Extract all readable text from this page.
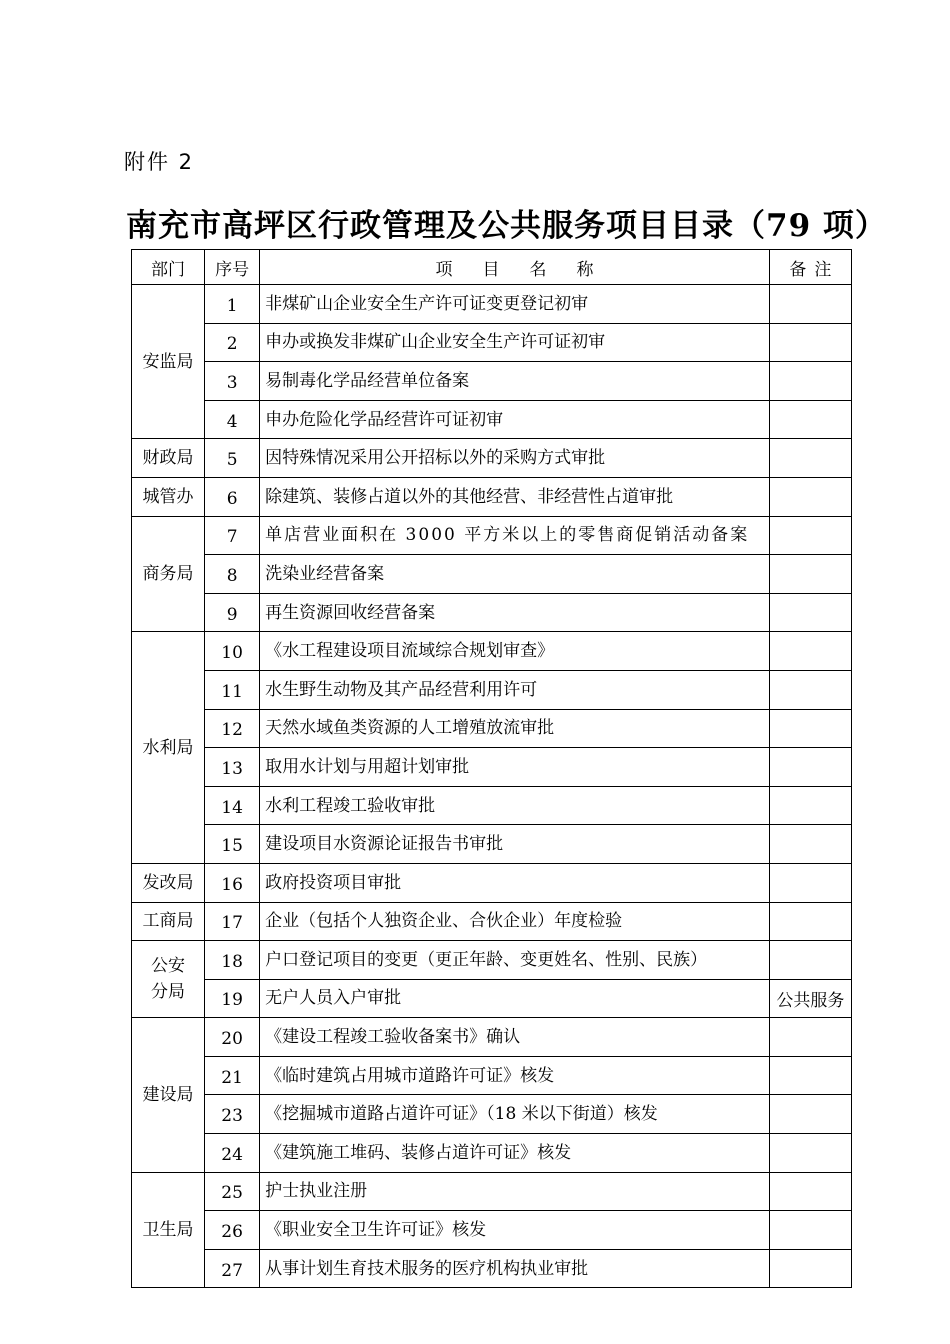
附件 2
南充市高坪区行政管理及公共服务项目目录（79 项）
部门	序号	项目名称	备注
安监局	1	非煤矿山企业安全生产许可证变更登记初审	
	2	申办或换发非煤矿山企业安全生产许可证初审	
	3	易制毒化学品经营单位备案	
	4	申办危险化学品经营许可证初审	
财政局	5	因特殊情况采用公开招标以外的采购方式审批	
城管办	6	除建筑、装修占道以外的其他经营、非经营性占道审批	
商务局	7	单店营业面积在 3000 平方米以上的零售商促销活动备案	
	8	洗染业经营备案	
	9	再生资源回收经营备案	
水利局	10	《水工程建设项目流域综合规划审查》	
	11	水生野生动物及其产品经营利用许可	
	12	天然水域鱼类资源的人工增殖放流审批	
	13	取用水计划与用超计划审批	
	14	水利工程竣工验收审批	
	15	建设项目水资源论证报告书审批	
发改局	16	政府投资项目审批	
工商局	17	企业（包括个人独资企业、合伙企业）年度检验	
公安分局	18	户口登记项目的变更（更正年龄、变更姓名、性别、民族）	
	19	无户人员入户审批	公共服务
建设局	20	《建设工程竣工验收备案书》确认	
	21	《临时建筑占用城市道路许可证》核发	
	23	《挖掘城市道路占道许可证》（18 米以下街道）核发	
	24	《建筑施工堆码、装修占道许可证》核发	
卫生局	25	护士执业注册	
	26	《职业安全卫生许可证》核发	
	27	从事计划生育技术服务的医疗机构执业审批	
